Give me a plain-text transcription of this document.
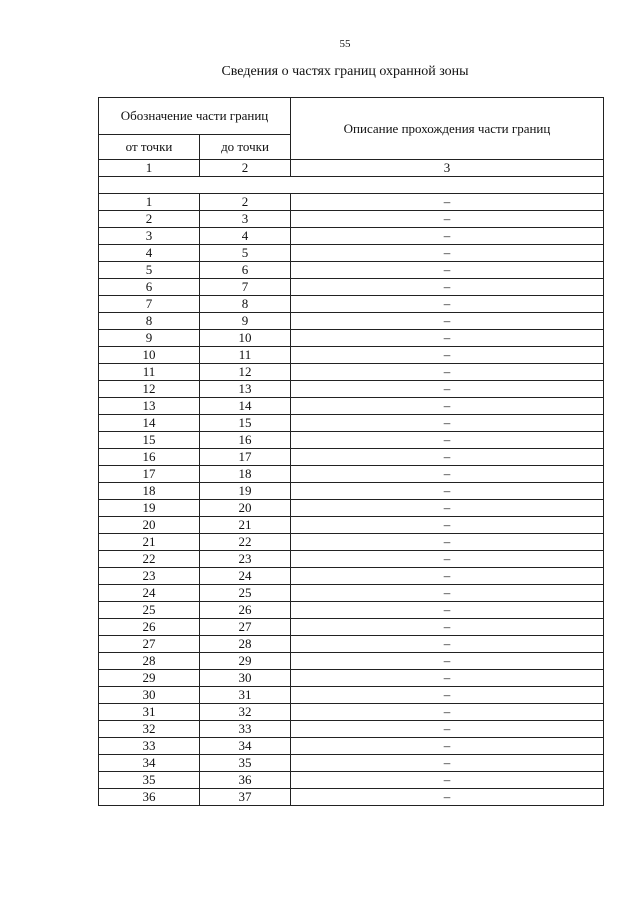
55
Сведения о частях границ охранной зоны
Обозначение части границ		Описание прохождения части границ
от точки	до точки	
1	2	3

1	2	–
2	3	–
3	4	–
4	5	–
5	6	–
6	7	–
7	8	–
8	9	–
9	10	–
10	11	–
11	12	–
12	13	–
13	14	–
14	15	–
15	16	–
16	17	–
17	18	–
18	19	–
19	20	–
20	21	–
21	22	–
22	23	–
23	24	–
24	25	–
25	26	–
26	27	–
27	28	–
28	29	–
29	30	–
30	31	–
31	32	–
32	33	–
33	34	–
34	35	–
35	36	–
36	37	–
